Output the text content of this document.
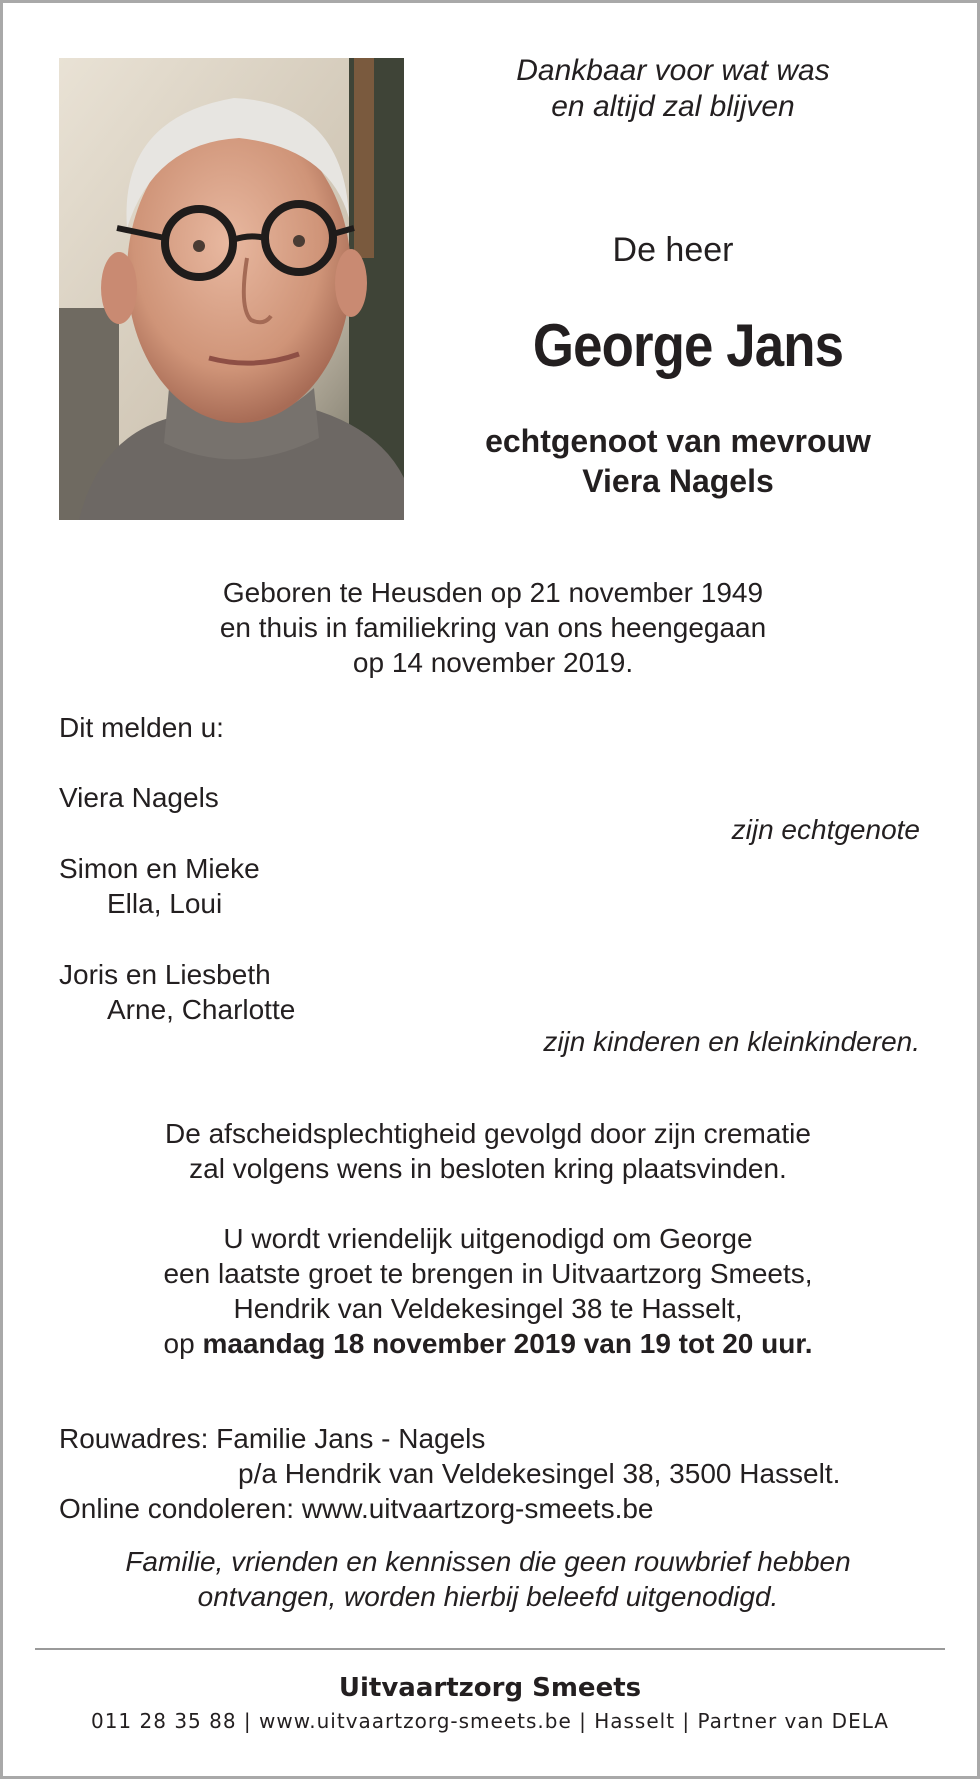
Dankbaar voor wat was
en altijd zal blijven
De heer
George Jans
echtgenoot van mevrouw
Viera Nagels
Geboren te Heusden op 21 november 1949
en thuis in familiekring van ons heengegaan
op 14 november 2019.
Dit melden u:
Viera Nagels
zijn echtgenote
Simon en Mieke
Ella, Loui
Joris en Liesbeth
Arne, Charlotte
zijn kinderen en kleinkinderen.
De afscheidsplechtigheid gevolgd door zijn crematie
zal volgens wens in besloten kring plaatsvinden.
U wordt vriendelijk uitgenodigd om George
een laatste groet te brengen in Uitvaartzorg Smeets,
Hendrik van Veldekesingel 38 te Hasselt,
op maandag 18 november 2019 van 19 tot 20 uur.
Rouwadres: Familie Jans - Nagels
p/a Hendrik van Veldekesingel 38, 3500 Hasselt.
Online condoleren: www.uitvaartzorg-smeets.be
Familie, vrienden en kennissen die geen rouwbrief hebben
ontvangen, worden hierbij beleefd uitgenodigd.
Uitvaartzorg Smeets
011 28 35 88 | www.uitvaartzorg-smeets.be | Hasselt | Partner van DELA
